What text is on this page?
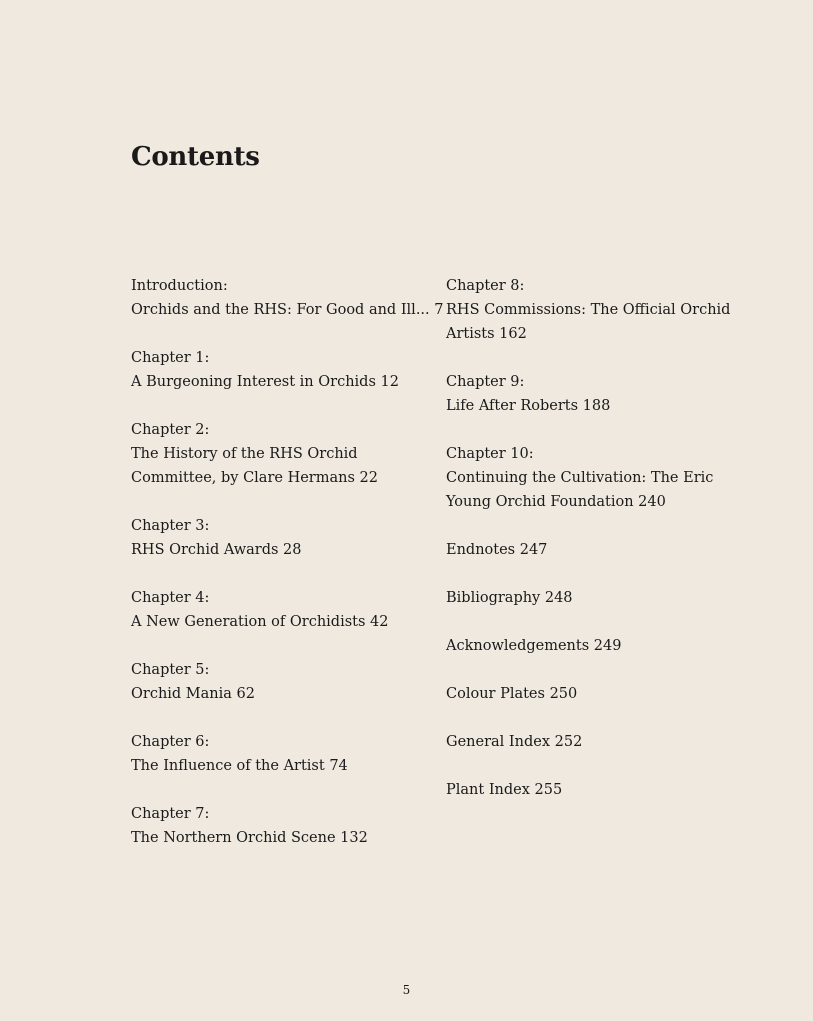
Contents
Introduction:
Orchids and the RHS: For Good and Ill... 7
Chapter 1:
A Burgeoning Interest in Orchids 12
Chapter 2:
The History of the RHS Orchid
Committee, by Clare Hermans 22
Chapter 3:
RHS Orchid Awards 28
Chapter 4:
A New Generation of Orchidists 42
Chapter 5:
Orchid Mania 62
Chapter 6:
The Influence of the Artist 74
Chapter 7:
The Northern Orchid Scene 132
Chapter 8:
RHS Commissions: The Official Orchid
Artists 162
Chapter 9:
Life After Roberts 188
Chapter 10:
Continuing the Cultivation: The Eric
Young Orchid Foundation 240
Endnotes 247
Bibliography 248
Acknowledgements 249
Colour Plates 250
General Index 252
Plant Index 255
5
